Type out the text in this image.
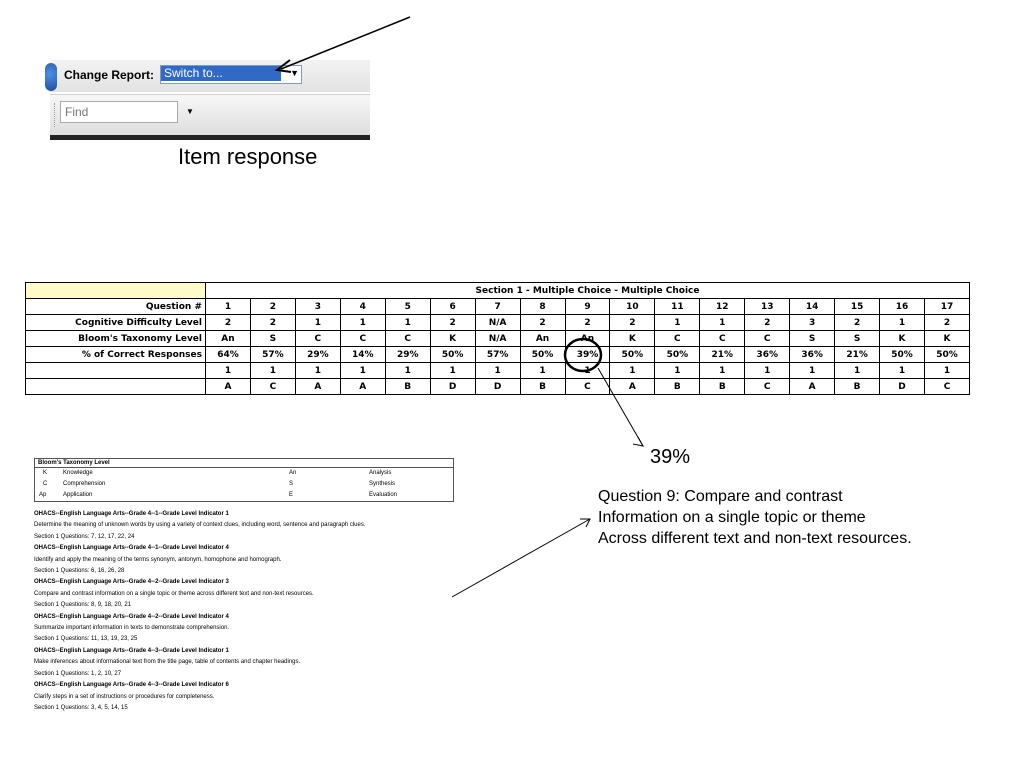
Change Report: Switch to...	▼
Find
▼
Item response
	Section 1 - Multiple Choice - Multiple Choice																
Question #	1	2	3	4	5	6	7	8	9	10	11	12	13	14	15	16	17
Cognitive Difficulty Level	2	2	1	1	1	2	N/A	2	2	2	1	1	2	3	2	1	2
Bloom's Taxonomy Level	An	S	C	C	C	K	N/A	An	An	K	C	C	C	S	S	K	K
% of Correct Responses	64%	57%	29%	14%	29%	50%	57%	50%	39%	50%	50%	21%	36%	36%	21%	50%	50%
	1	1	1	1	1	1	1	1	1	1	1	1	1	1	1	1	1
	A	C	A	A	B	D	D	B	C	A	B	B	C	A	B	D	C
39%
Question 9: Compare and contrast
Information on a single topic or theme
Across different text and non-text resources.
Bloom's Taxonomy Level
K	Knowledge	An	Analysis
C	Comprehension	S	Synthesis
Ap	Application	E	Evaluation
OHACS--English Language Arts--Grade 4--1--Grade Level Indicator 1
Determine the meaning of unknown words by using a variety of context clues, including word, sentence and paragraph clues.
Section 1 Questions: 7, 12, 17, 22, 24
OHACS--English Language Arts--Grade 4--1--Grade Level Indicator 4
Identify and apply the meaning of the terms synonym, antonym, homophone and homograph.
Section 1 Questions: 6, 16, 26, 28
OHACS--English Language Arts--Grade 4--2--Grade Level Indicator 3
Compare and contrast information on a single topic or theme across different text and non-text resources.
Section 1 Questions: 8, 9, 18, 20, 21
OHACS--English Language Arts--Grade 4--2--Grade Level Indicator 4
Summarize important information in texts to demonstrate comprehension.
Section 1 Questions: 11, 13, 19, 23, 25
OHACS--English Language Arts--Grade 4--3--Grade Level Indicator 1
Make inferences about informational text from the title page, table of contents and chapter headings.
Section 1 Questions: 1, 2, 10, 27
OHACS--English Language Arts--Grade 4--3--Grade Level Indicator 6
Clarify steps in a set of instructions or procedures for completeness.
Section 1 Questions: 3, 4, 5, 14, 15
